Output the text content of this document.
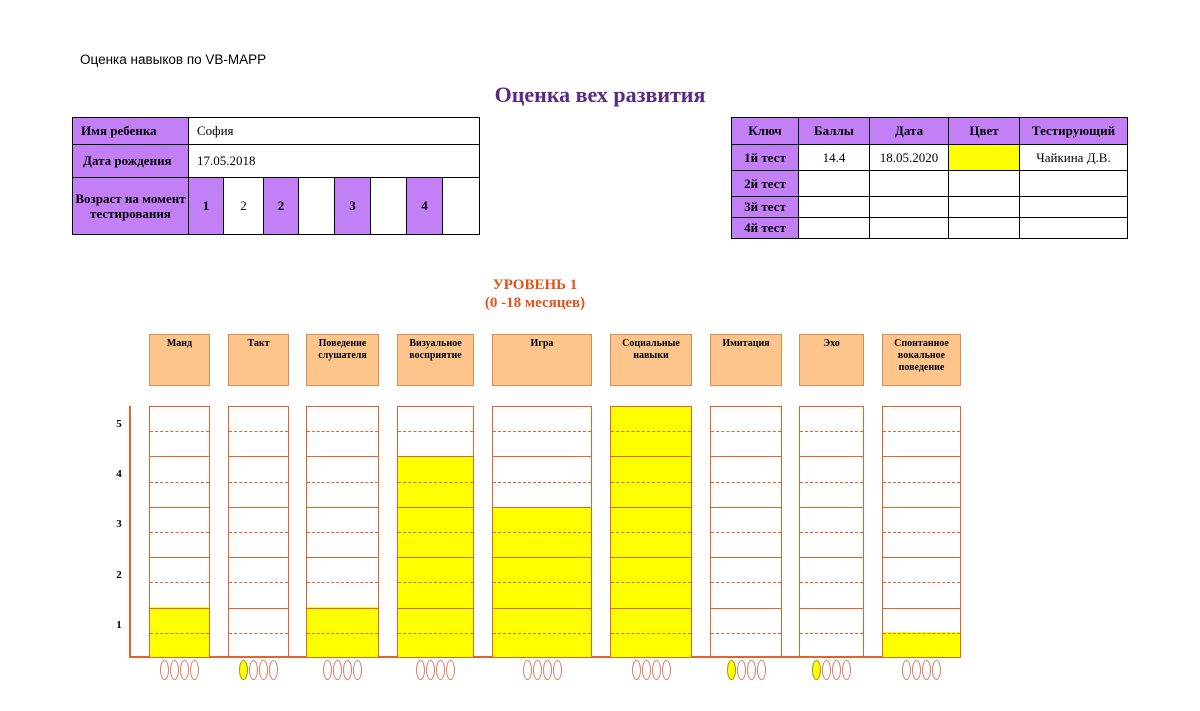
Оценка навыков по VB-MAPP
Оценка вех развития
Имя ребенка	София							
Дата рождения	17.05.2018							
Возраст на момент тестирования	1	2	2		3		4	
Ключ	Баллы	Дата	Цвет	Тестирующий
1й тест	14.4	18.05.2020		Чайкина Д.В.
2й тест				
3й тест				
4й тест				
УРОВЕНЬ 1
(0 -18 месяцев)
5
4
3
2
1
Манд	Такт	Поведение слушателя
Визуальное восприятие
Игра	Социальные навыки
Имитация	Эхо	Спонтанное вокальное поведение
